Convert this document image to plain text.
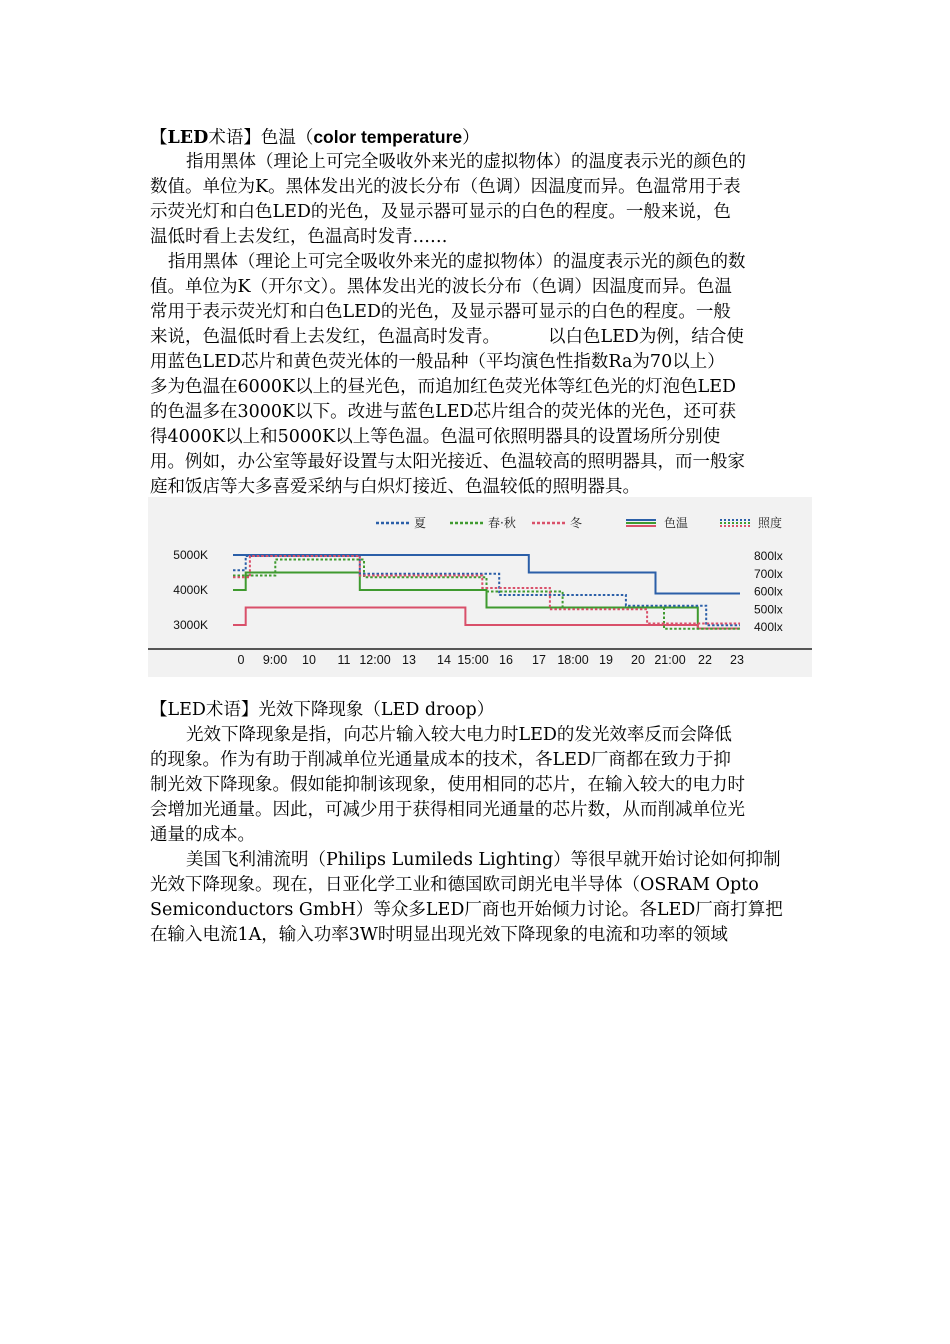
【LED术语】色温（color temperature）
指用黑体（理论上可完全吸收外来光的虚拟物体）的温度表示光的颜色的
数值。单位为K。黑体发出光的波长分布（色调）因温度而异。色温常用于表
示荧光灯和白色LED的光色，及显示器可显示的白色的程度。一般来说，色
温低时看上去发红，色温高时发青……
指用黑体（理论上可完全吸收外来光的虚拟物体）的温度表示光的颜色的数
值。单位为K（开尔文）。黑体发出光的波长分布（色调）因温度而异。色温
常用于表示荧光灯和白色LED的光色，及显示器可显示的白色的程度。一般
来说，色温低时看上去发红，色温高时发青。	以白色LED为例，结合使
用蓝色LED芯片和黄色荧光体的一般品种（平均演色性指数Ra为70以上）
多为色温在6000K以上的昼光色，而追加红色荧光体等红色光的灯泡色LED
的色温多在3000K以下。改进与蓝色LED芯片组合的荧光体的光色，还可获
得4000K以上和5000K以上等色温。色温可依照明器具的设置场所分别使
用。例如，办公室等最好设置与太阳光接近、色温较高的照明器具，而一般家
庭和饭店等大多喜爱采纳与白炽灯接近、色温较低的照明器具。
0 9:00 10 11 12:00 13 14 15:00 16 17 18:00 19 20 21:00 22 23
5000K
4000K
3000K
800lx
700lx
600lx
500lx
400lx
夏	春·秋	冬	色温	照度
【LED术语】光效下降现象（LED droop）
光效下降现象是指，向芯片输入较大电力时LED的发光效率反而会降低
的现象。作为有助于削减单位光通量成本的技术，各LED厂商都在致力于抑
制光效下降现象。假如能抑制该现象，使用相同的芯片，在输入较大的电力时
会增加光通量。因此，可减少用于获得相同光通量的芯片数，从而削减单位光
通量的成本。
美国飞利浦流明（Philips Lumileds Lighting）等很早就开始讨论如何抑制
光效下降现象。现在，日亚化学工业和德国欧司朗光电半导体（OSRAM Opto
Semiconductors GmbH）等众多LED厂商也开始倾力讨论。各LED厂商打算把
在输入电流1A，输入功率3W时明显出现光效下降现象的电流和功率的领域
